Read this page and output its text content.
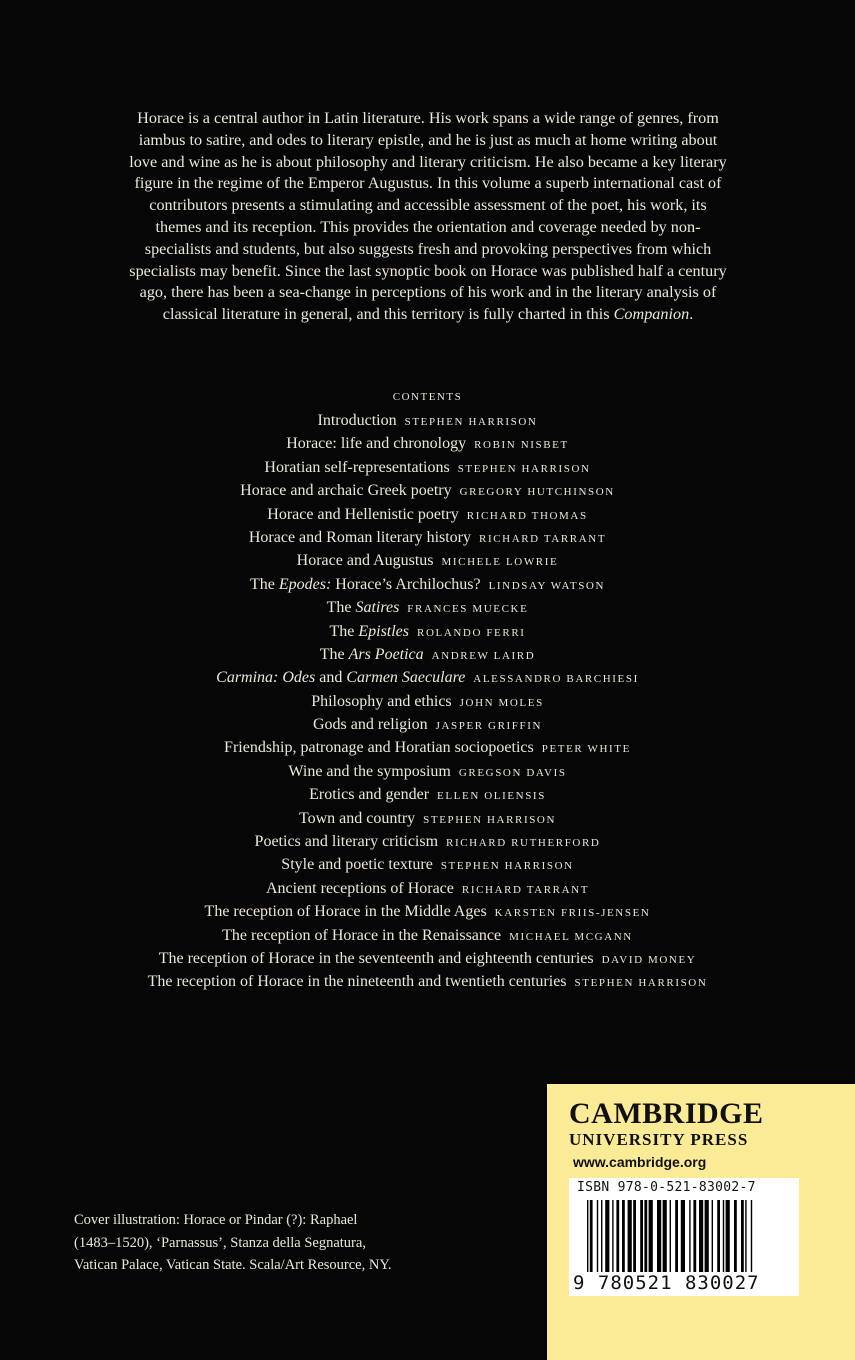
Horace is a central author in Latin literature. His work spans a wide range of genres, from iambus to satire, and odes to literary epistle, and he is just as much at home writing about love and wine as he is about philosophy and literary criticism. He also became a key literary figure in the regime of the Emperor Augustus. In this volume a superb international cast of contributors presents a stimulating and accessible assessment of the poet, his work, its themes and its reception. This provides the orientation and coverage needed by non-specialists and students, but also suggests fresh and provoking perspectives from which specialists may benefit. Since the last synoptic book on Horace was published half a century ago, there has been a sea-change in perceptions of his work and in the literary analysis of classical literature in general, and this territory is fully charted in this Companion.
CONTENTS
Introduction STEPHEN HARRISON
Horace: life and chronology ROBIN NISBET
Horatian self-representations STEPHEN HARRISON
Horace and archaic Greek poetry GREGORY HUTCHINSON
Horace and Hellenistic poetry RICHARD THOMAS
Horace and Roman literary history RICHARD TARRANT
Horace and Augustus MICHELE LOWRIE
The Epodes: Horace’s Archilochus? LINDSAY WATSON
The Satires FRANCES MUECKE
The Epistles ROLANDO FERRI
The Ars Poetica ANDREW LAIRD
Carmina: Odes and Carmen Saeculare ALESSANDRO BARCHIESI
Philosophy and ethics JOHN MOLES
Gods and religion JASPER GRIFFIN
Friendship, patronage and Horatian sociopoetics PETER WHITE
Wine and the symposium GREGSON DAVIS
Erotics and gender ELLEN OLIENSIS
Town and country STEPHEN HARRISON
Poetics and literary criticism RICHARD RUTHERFORD
Style and poetic texture STEPHEN HARRISON
Ancient receptions of Horace RICHARD TARRANT
The reception of Horace in the Middle Ages KARSTEN FRIIS-JENSEN
The reception of Horace in the Renaissance MICHAEL MCGANN
The reception of Horace in the seventeenth and eighteenth centuries DAVID MONEY
The reception of Horace in the nineteenth and twentieth centuries STEPHEN HARRISON
Cover illustration: Horace or Pindar (?): Raphael
(1483–1520), ‘Parnassus’, Stanza della Segnatura,
Vatican Palace, Vatican State. Scala/Art Resource, NY.
CAMBRIDGE
UNIVERSITY PRESS
www.cambridge.org
ISBN 978-0-521-83002-7
9 780521 830027
